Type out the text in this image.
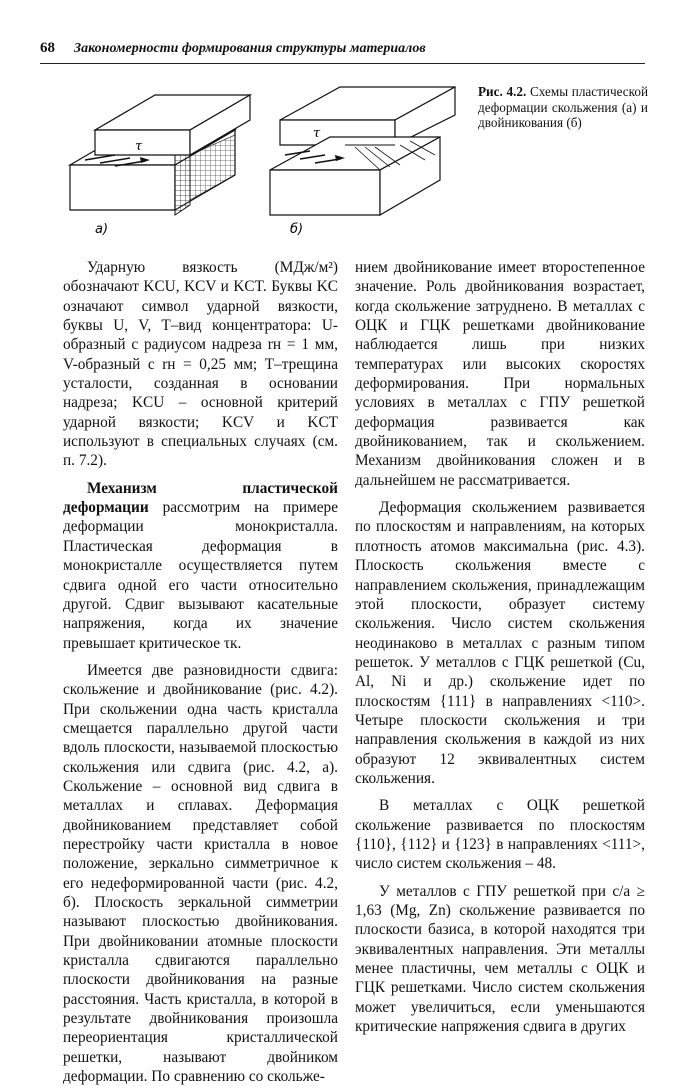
68 Закономерности формирования структуры материалов
τ
а)
τ
б)
Рис. 4.2. Схемы пластической деформации скольжения (а) и двойникования (б)

Ударную вязкость (МДж/м²) обозначают KCU, KCV и KCT. Буквы KC означают символ ударной вязкости, буквы U, V, T–вид концентратора: U-образный с радиусом надреза rн = 1 мм, V-образный с rн = 0,25 мм; T–трещина усталости, созданная в основании надреза; KCU – основной критерий ударной вязкости; KCV и KCT используют в специальных случаях (см. п. 7.2).

Механизм пластической деформации рассмотрим на примере деформации монокристалла. Пластическая деформация в монокристалле осуществляется путем сдвига одной его части относительно другой. Сдвиг вызывают касательные напряжения, когда их значение превышает критическое τк.

Имеется две разновидности сдвига: скольжение и двойникование (рис. 4.2). При скольжении одна часть кристалла смещается параллельно другой части вдоль плоскости, называемой плоскостью скольжения или сдвига (рис. 4.2, а). Скольжение – основной вид сдвига в металлах и сплавах. Деформация двойникованием представляет собой перестройку части кристалла в новое положение, зеркально симметричное к его недеформированной части (рис. 4.2, б). Плоскость зеркальной симметрии называют плоскостью двойникования. При двойниковании атомные плоскости кристалла сдвигаются параллельно плоскости двойникования на разные расстояния. Часть кристалла, в которой в результате двойникования произошла переориентация кристаллической решетки, называют двойником деформации. По сравнению со скольже-

нием двойникование имеет второстепенное значение. Роль двойникования возрастает, когда скольжение затруднено. В металлах с ОЦК и ГЦК решетками двойникование наблюдается лишь при низких температурах или высоких скоростях деформирования. При нормальных условиях в металлах с ГПУ решеткой деформация развивается как двойникованием, так и скольжением. Механизм двойникования сложен и в дальнейшем не рассматривается.

Деформация скольжением развивается по плоскостям и направлениям, на которых плотность атомов максимальна (рис. 4.3). Плоскость скольжения вместе с направлением скольжения, принадлежащим этой плоскости, образует систему скольжения. Число систем скольжения неодинаково в металлах с разным типом решеток. У металлов с ГЦК решеткой (Cu, Al, Ni и др.) скольжение идет по плоскостям {111} в направлениях <110>. Четыре плоскости скольжения и три направления скольжения в каждой из них образуют 12 эквивалентных систем скольжения.

В металлах с ОЦК решеткой скольжение развивается по плоскостям {110}, {112} и {123} в направлениях <111>, число систем скольжения – 48.

У металлов с ГПУ решеткой при c/a ≥ 1,63 (Mg, Zn) скольжение развивается по плоскости базиса, в которой находятся три эквивалентных направления. Эти металлы менее пластичны, чем металлы с ОЦК и ГЦК решетками. Число систем скольжения может увеличиться, если уменьшаются критические напряжения сдвига в других
